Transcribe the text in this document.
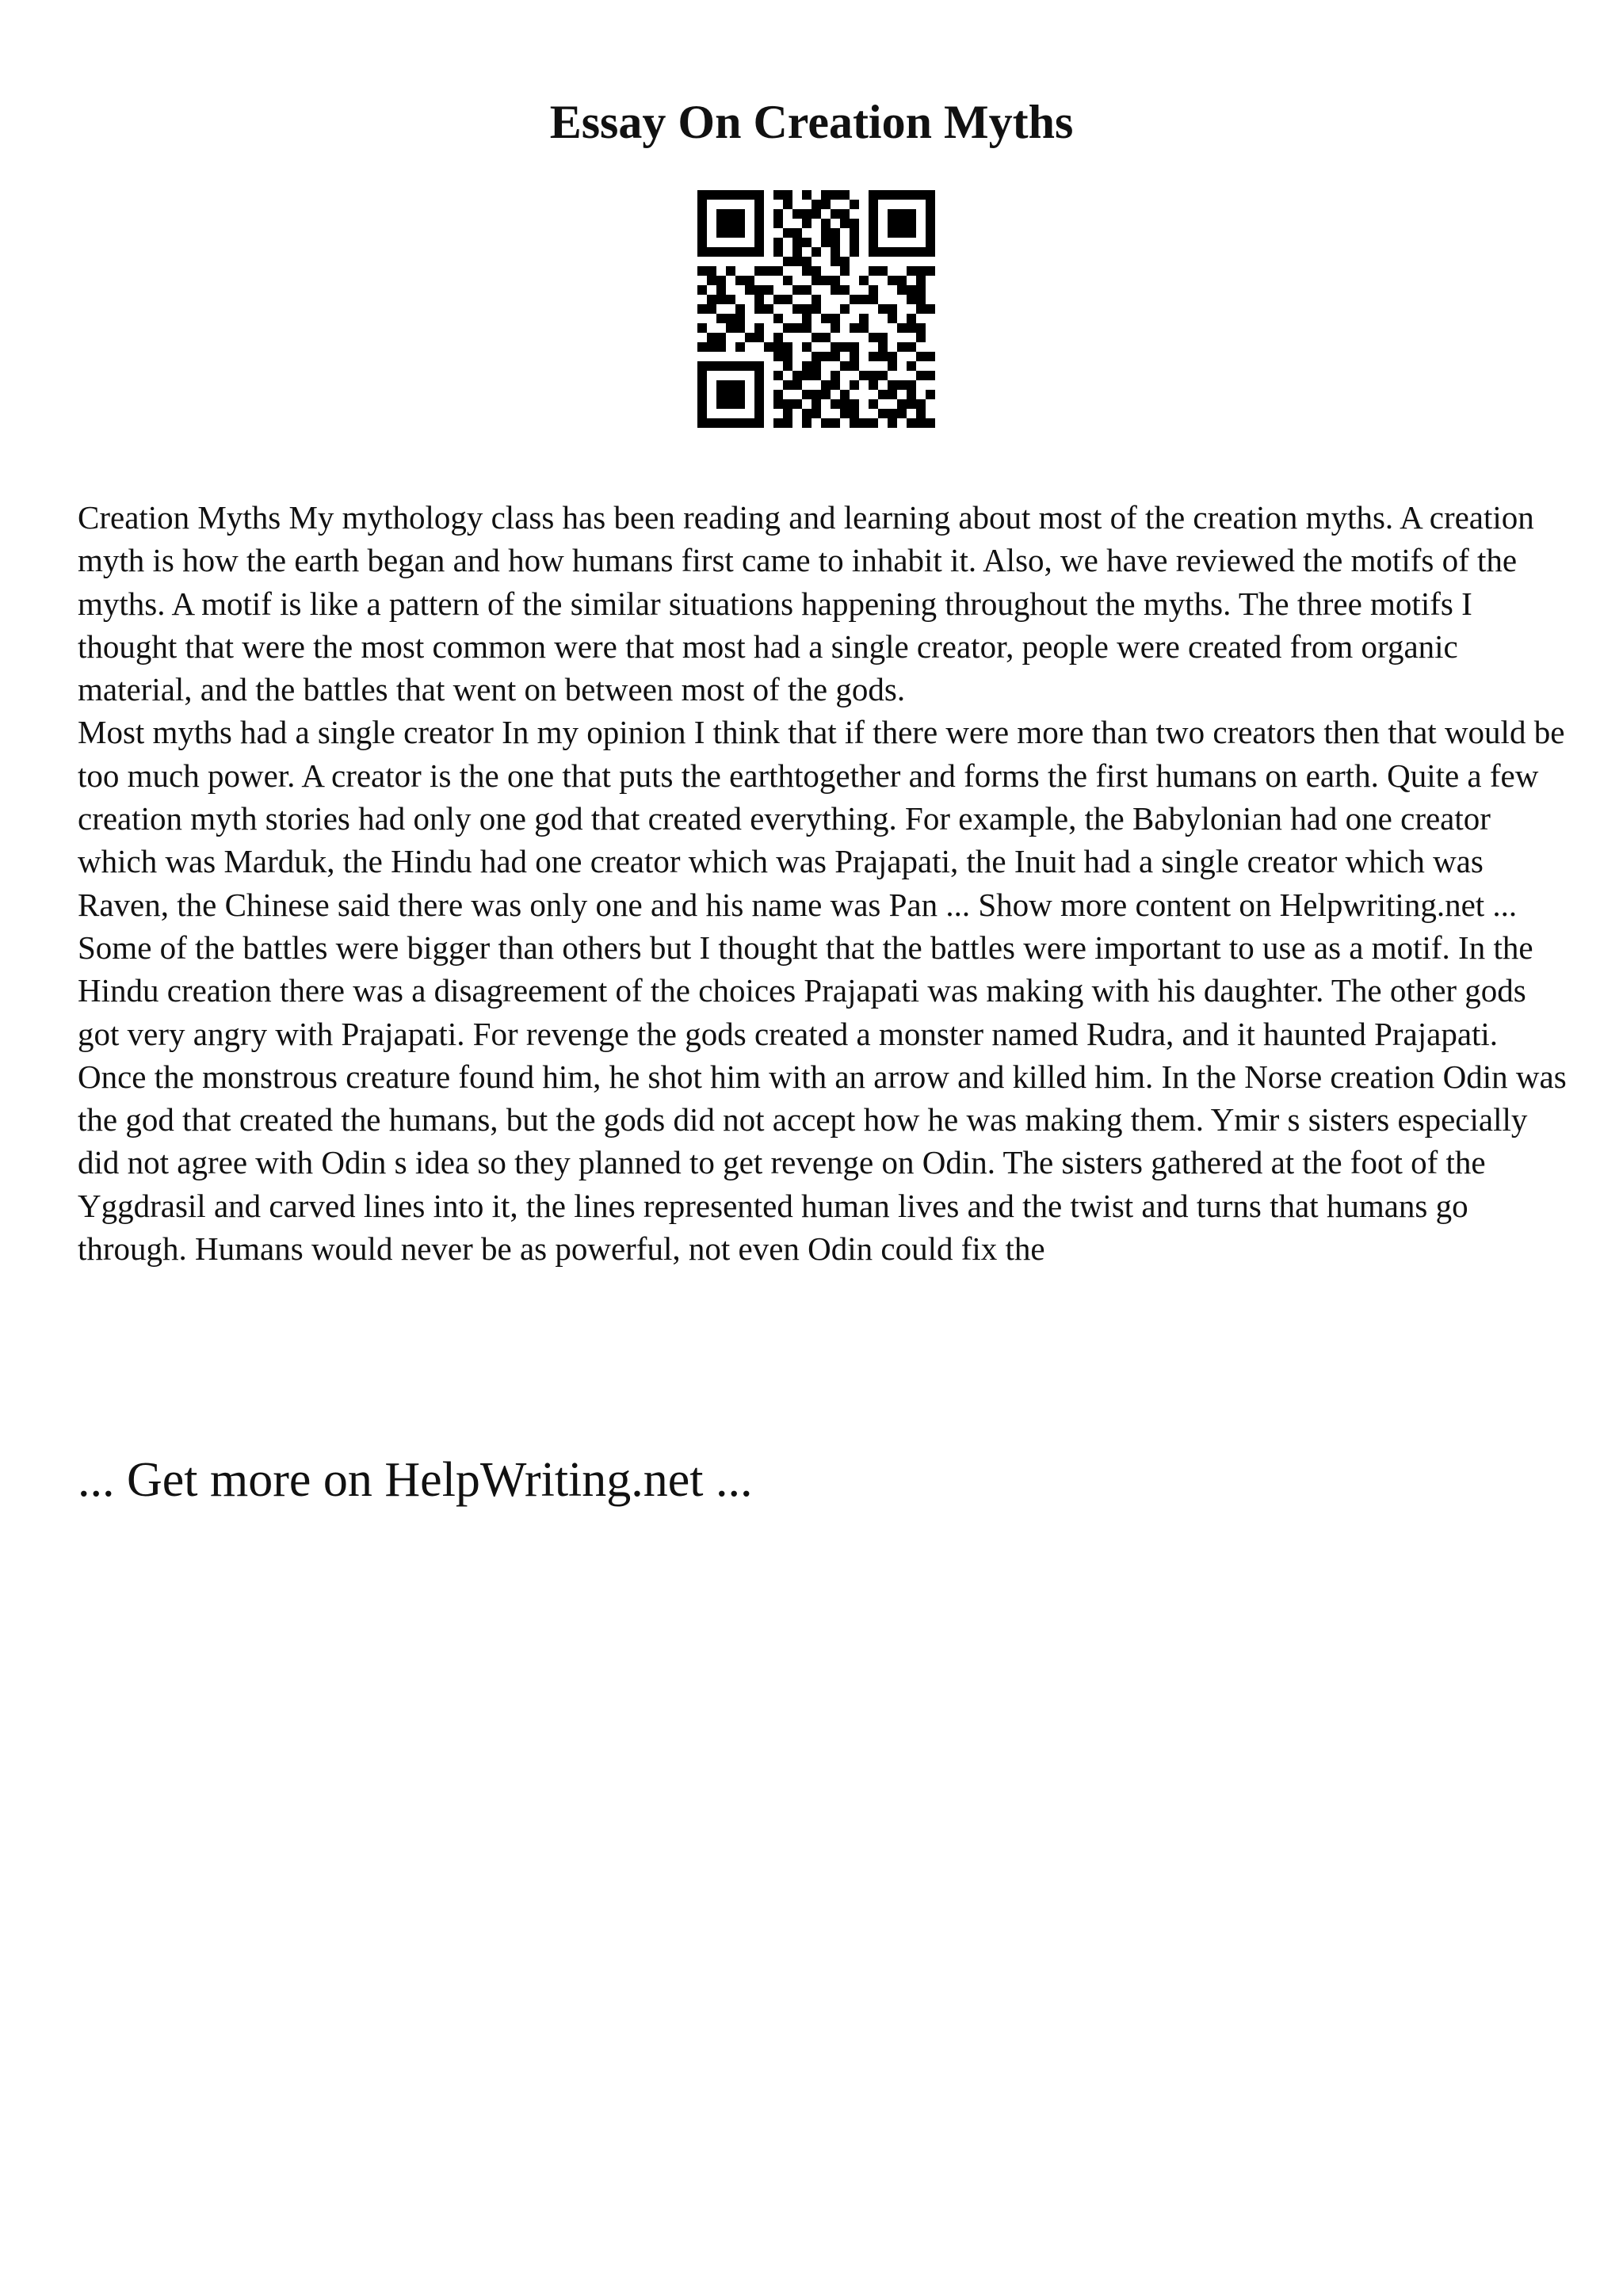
Essay On Creation Myths

Creation Myths My mythology class has been reading and learning about most of the creation myths. A creation myth is how the earth began and how humans first came to inhabit it. Also, we have reviewed the motifs of the myths. A motif is like a pattern of the similar situations happening throughout the myths. The three motifs I thought that were the most common were that most had a single creator, people were created from organic material, and the battles that went on between most of the gods.

Most myths had a single creator In my opinion I think that if there were more than two creators then that would be too much power. A creator is the one that puts the earthtogether and forms the first humans on earth. Quite a few creation myth stories had only one god that created everything. For example, the Babylonian had one creator which was Marduk, the Hindu had one creator which was Prajapati, the Inuit had a single creator which was Raven, the Chinese said there was only one and his name was Pan ... Show more content on Helpwriting.net ...

Some of the battles were bigger than others but I thought that the battles were important to use as a motif. In the Hindu creation there was a disagreement of the choices Prajapati was making with his daughter. The other gods got very angry with Prajapati. For revenge the gods created a monster named Rudra, and it haunted Prajapati. Once the monstrous creature found him, he shot him with an arrow and killed him. In the Norse creation Odin was the god that created the humans, but the gods did not accept how he was making them. Ymir s sisters especially did not agree with Odin s idea so they planned to get revenge on Odin. The sisters gathered at the foot of the Yggdrasil and carved lines into it, the lines represented human lives and the twist and turns that humans go through. Humans would never be as powerful, not even Odin could fix the

... Get more on HelpWriting.net ...
